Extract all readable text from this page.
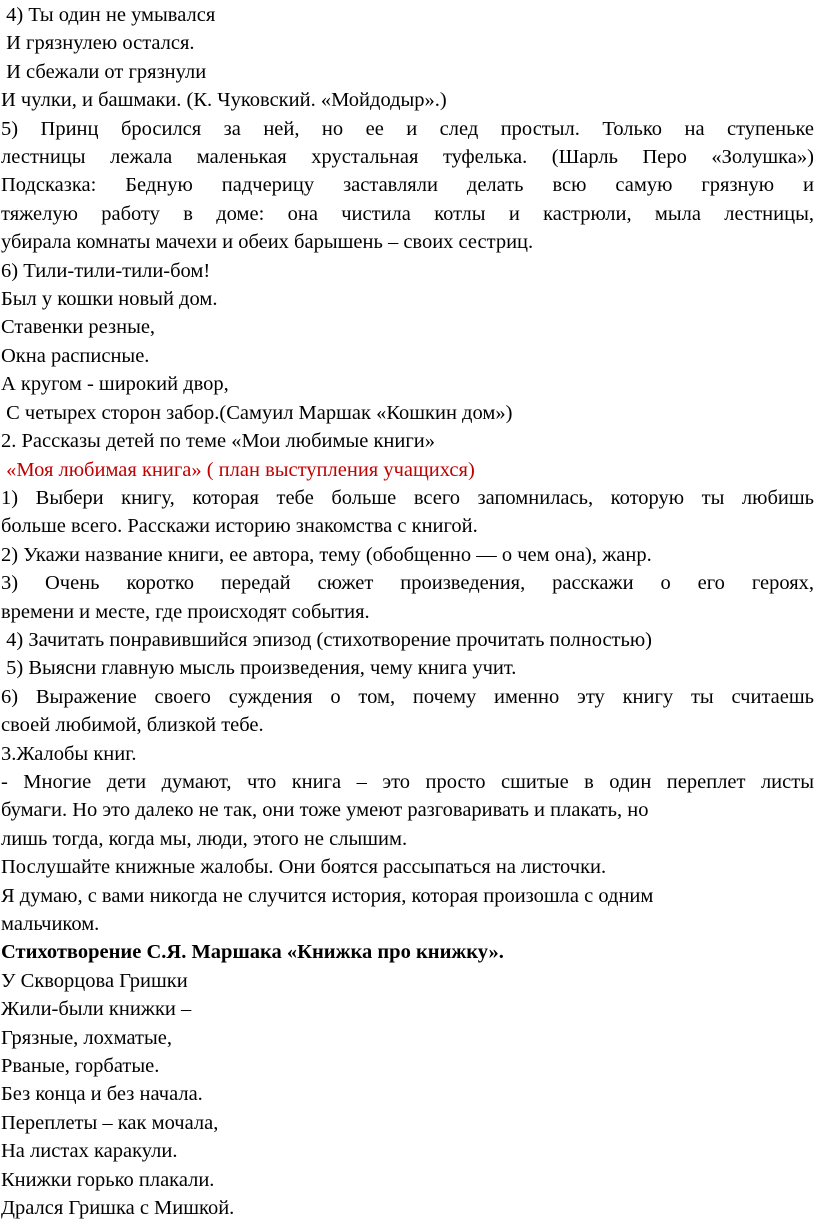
4) Ты один не умывался
И грязнулею остался.
И сбежали от грязнули
И чулки, и башмаки. (К. Чуковский. «Мойдодыр».)
5) Принц бросился за ней, но ее и след простыл. Только на ступеньке
лестницы лежала маленькая хрустальная туфелька. (Шарль Перо «Золушка»)
Подсказка: Бедную падчерицу заставляли делать всю самую грязную и
тяжелую работу в доме: она чистила котлы и кастрюли, мыла лестницы,
убирала комнаты мачехи и обеих барышень – своих сестриц.
6) Тили-тили-тили-бом!
Был у кошки новый дом.
Ставенки резные,
Окна расписные.
А кругом - широкий двор,
С четырех сторон забор.(Самуил Маршак «Кошкин дом»)
2. Рассказы детей по теме «Мои любимые книги»
«Моя любимая книга» ( план выступления учащихся)
1) Выбери книгу, которая тебе больше всего запомнилась, которую ты любишь
больше всего. Расскажи историю знакомства с книгой.
2) Укажи название книги, ее автора, тему (обобщенно — о чем она), жанр.
3) Очень коротко передай сюжет произведения, расскажи о его героях,
времени и месте, где происходят события.
4) Зачитать понравившийся эпизод (стихотворение прочитать полностью)
5) Выясни главную мысль произведения, чему книга учит.
6) Выражение своего суждения о том, почему именно эту книгу ты считаешь
своей любимой, близкой тебе.
3.Жалобы книг.
- Многие дети думают, что книга – это просто сшитые в один переплет листы
бумаги. Но это далеко не так, они тоже умеют разговаривать и плакать, но
лишь тогда, когда мы, люди, этого не слышим.
Послушайте книжные жалобы. Они боятся рассыпаться на листочки.
Я думаю, с вами никогда не случится история, которая произошла с одним
мальчиком.
Стихотворение С.Я. Маршака «Книжка про книжку».
У Скворцова Гришки
Жили-были книжки –
Грязные, лохматые,
Рваные, горбатые.
Без конца и без начала.
Переплеты – как мочала,
На листах каракули.
Книжки горько плакали.
Дрался Гришка с Мишкой.
